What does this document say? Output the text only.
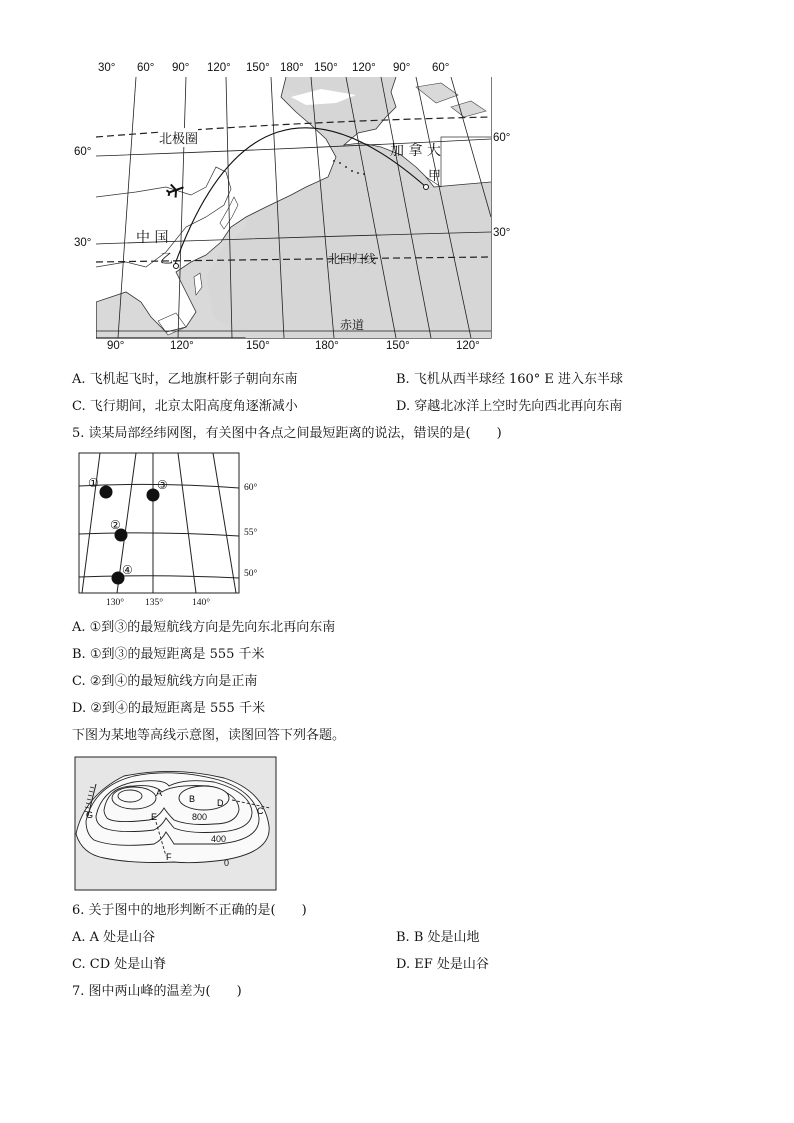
30° 60° 90° 120° 150° 180° 150° 120° 90° 60°
60°
30°
60°
30°
90°	120°	150°	180°	150°	120°
北极圈
加 拿 大
甲
中 国
乙	北回归线
赤道
A. 飞机起飞时，乙地旗杆影子朝向东南	B. 飞机从西半球经 160° E 进入东半球
C. 飞行期间，北京太阳高度角逐渐减小	D. 穿越北冰洋上空时先向西北再向东南
5. 读某局部经纬网图，有关图中各点之间最短距离的说法，错误的是(　　)
①	③
②
④
60°
55°
50°
130° 135°	140°
A. ①到③的最短航线方向是先向东北再向东南
B. ①到③的最短距离是 555 千米
C. ②到④的最短航线方向是正南
D. ②到④的最短距离是 555 千米
下图为某地等高线示意图，读图回答下列各题。
A
B
C
D
E
F
G	800
400
0
6. 关于图中的地形判断不正确的是(　　)
A. A 处是山谷	B. B 处是山地
C. CD 处是山脊	D. EF 处是山谷
7. 图中两山峰的温差为(　　)
